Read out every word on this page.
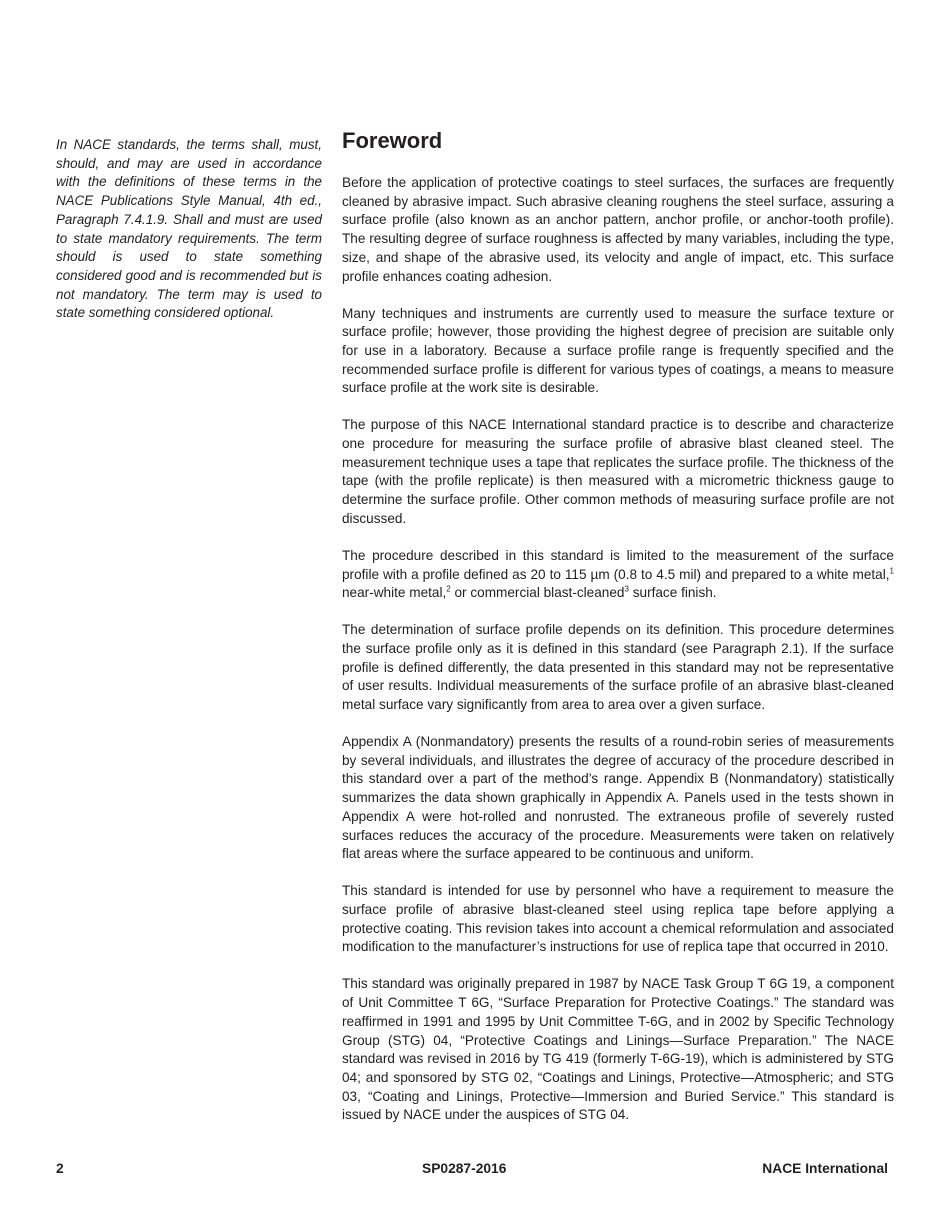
In NACE standards, the terms shall, must, should, and may are used in accordance with the definitions of these terms in the NACE Publications Style Manual, 4th ed., Paragraph 7.4.1.9. Shall and must are used to state mandatory requirements. The term should is used to state something considered good and is recommended but is not mandatory. The term may is used to state something considered optional.

Foreword

Before the application of protective coatings to steel surfaces, the surfaces are frequently cleaned by abrasive impact. Such abrasive cleaning roughens the steel surface, assuring a surface profile (also known as an anchor pattern, anchor profile, or anchor-tooth profile). The resulting degree of surface roughness is affected by many variables, including the type, size, and shape of the abrasive used, its velocity and angle of impact, etc. This surface profile enhances coating adhesion.

Many techniques and instruments are currently used to measure the surface texture or surface profile; however, those providing the highest degree of precision are suitable only for use in a laboratory. Because a surface profile range is frequently specified and the recommended surface profile is different for various types of coatings, a means to measure surface profile at the work site is desirable.

The purpose of this NACE International standard practice is to describe and characterize one procedure for measuring the surface profile of abrasive blast cleaned steel. The measurement technique uses a tape that replicates the surface profile. The thickness of the tape (with the profile replicate) is then measured with a micrometric thickness gauge to determine the surface profile. Other common methods of measuring surface profile are not discussed.

The procedure described in this standard is limited to the measurement of the surface profile with a profile defined as 20 to 115 µm (0.8 to 4.5 mil) and prepared to a white metal,$^1$ near-white metal,$^2$ or commercial blast-cleaned$^3$ surface finish.

The determination of surface profile depends on its definition. This procedure determines the surface profile only as it is defined in this standard (see Paragraph 2.1). If the surface profile is defined differently, the data presented in this standard may not be representative of user results. Individual measurements of the surface profile of an abrasive blast-cleaned metal surface vary significantly from area to area over a given surface.

Appendix A (Nonmandatory) presents the results of a round-robin series of measurements by several individuals, and illustrates the degree of accuracy of the procedure described in this standard over a part of the method’s range. Appendix B (Nonmandatory) statistically summarizes the data shown graphically in Appendix A. Panels used in the tests shown in Appendix A were hot-rolled and nonrusted. The extraneous profile of severely rusted surfaces reduces the accuracy of the procedure. Measurements were taken on relatively flat areas where the surface appeared to be continuous and uniform.

This standard is intended for use by personnel who have a requirement to measure the surface profile of abrasive blast-cleaned steel using replica tape before applying a protective coating. This revision takes into account a chemical reformulation and associated modification to the manufacturer’s instructions for use of replica tape that occurred in 2010.

This standard was originally prepared in 1987 by NACE Task Group T 6G 19, a component of Unit Committee T 6G, “Surface Preparation for Protective Coatings.” The standard was reaffirmed in 1991 and 1995 by Unit Committee T-6G, and in 2002 by Specific Technology Group (STG) 04, “Protective Coatings and Linings—Surface Preparation.” The NACE standard was revised in 2016 by TG 419 (formerly T-6G-19), which is administered by STG 04; and sponsored by STG 02, “Coatings and Linings, Protective—Atmospheric; and STG 03, “Coating and Linings, Protective—Immersion and Buried Service.” This standard is issued by NACE under the auspices of STG 04.

2	SP0287-2016	NACE International
